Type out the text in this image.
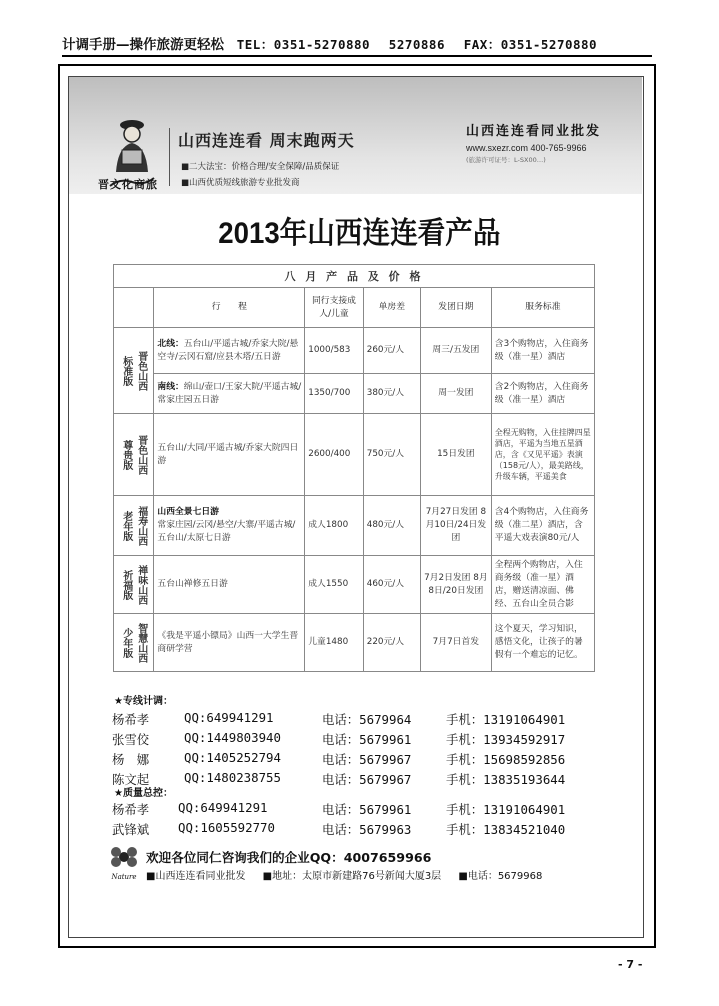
计调手册—操作旅游更轻松 TEL：0351-5270880 5270886 FAX：0351-5270880
晋文化商旅
山西连连看 周末跑两天
■二大法宝：价格合理/安全保障/品质保证
■山西优质短线旅游专业批发商
山西连连看同业批发
www.sxezr.com 400-765-9966
(旅游许可证号：L-SX00…)
2013年山西连连看产品
八 月 产 品 及 价 格					
	行　　程	同行支接成人/儿童	单房差	发团日期	服务标准

标准版 晋色山西	北线：五台山/平遥古城/乔家大院/悬空寺/云冈石窟/应县木塔/五日游	1000/583	260元/人	周三/五发团	含3个购物店，入住商务级（准一星）酒店
	南线：绵山/壶口/王家大院/平遥古城/常家庄园五日游	1350/700	380元/人	周一发团	含2个购物店，入住商务级（准一星）酒店

尊贵版 晋色山西	五台山/大同/平遥古城/乔家大院四日游	2600/400	750元/人	15日发团	全程无购物，入住挂牌四星酒店，平遥为当地五星酒店，含《又见平遥》表演（158元/人），最美路线，升级车辆，平遥美食

老年版 福寿山西	山西全景七日游
常家庄园/云冈/悬空/大寨/平遥古城/五台山/太原七日游	成人1800	480元/人	7月27日发团 8月10日/24日发团	含4个购物店，入住商务级（准二星）酒店，含平遥大戏表演80元/人

祈福版 禅味山西	五台山禅修五日游	成人1550	460元/人	7月2日发团 8月8日/20日发团	全程两个购物店，入住商务级（准一星）酒店，赠送清凉面、佛经、五台山全员合影

少年版 智慧山西	《我是平遥小镖局》山西一大学生晋商研学营	儿童1480	220元/人	7月7日首发	这个夏天，学习知识，感悟文化，让孩子的暑假有一个难忘的记忆。
★专线计调：
杨希孝	QQ:649941291	电话：5679964	手机：13191064901
张雪佼	QQ:1449803940	电话：5679961	手机：13934592917
杨　娜	QQ:1405252794	电话：5679967	手机：15698592856
陈文起	QQ:1480238755	电话：5679967	手机：13835193644
★质量总控：
杨希孝 QQ:649941291	电话：5679961	手机：13191064901
武锋斌 QQ:1605592770	电话：5679963	手机：13834521040
Nature
欢迎各位同仁咨询我们的企业QQ：4007659966
■山西连连看同业批发 ■地址：太原市新建路76号新闻大厦3层 ■电话：5679968
- 7 -
